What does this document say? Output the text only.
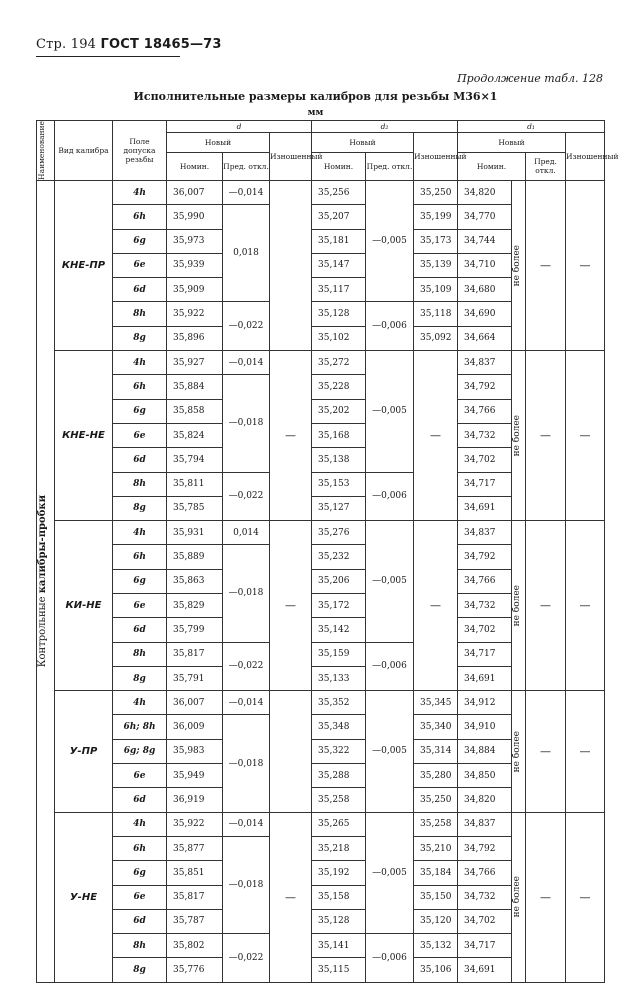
Стр. 194 ГОСТ 18465—73
Продолжение табл. 128
Исполнительные размеры калибров для резьбы М36×1
мм
Наименование	Вид калибра	Поле допуска резьбы	d			d₂			d₁			
			Новый		Изношенный	Новый		Изношенный	Новый			Изношенный
			Номин.	Пред. откл.		Номин.	Пред. откл.		Номин.		Пред. откл.	

Контрольные калибры-пробки	КНЕ-ПР	4h	36,007	—0,014		35,256	—0,005	35,250	34,820	не более	—	—
		6h	35,990	0,018		35,207		35,199	34,770			
		6g	35,973			35,181		35,173	34,744			
		6e	35,939			35,147		35,139	34,710			
		6d	35,909			35,117		35,109	34,680			
		8h	35,922	—0,022		35,128	—0,006	35,118	34,690			
		8g	35,896			35,102		35,092	34,664			
	КНЕ-НЕ	4h	35,927	—0,014	—	35,272	—0,005	—	34,837	не более	—	—
		6h	35,884	—0,018		35,228			34,792			
		6g	35,858			35,202			34,766			
		6e	35,824			35,168			34,732			
		6d	35,794			35,138			34,702			
		8h	35,811	—0,022		35,153	—0,006		34,717			
		8g	35,785			35,127			34,691			
	КИ-НЕ	4h	35,931	0,014	—	35,276	—0,005	—	34,837	не более	—	—
		6h	35,889	—0,018		35,232			34,792			
		6g	35,863			35,206			34,766			
		6e	35,829			35,172			34,732			
		6d	35,799			35,142			34,702			
		8h	35,817	—0,022		35,159	—0,006		34,717			
		8g	35,791			35,133			34,691			
	У-ПР	4h	36,007	—0,014		35,352	—0,005	35,345	34,912	не более	—	—
		6h; 8h	36,009	—0,018		35,348		35,340	34,910			
		6g; 8g	35,983			35,322		35,314	34,884			
		6e	35,949			35,288		35,280	34,850			
		6d	36,919			35,258		35,250	34,820			
	У-НЕ	4h	35,922	—0,014	—	35,265	—0,005	35,258	34,837	не более	—	—
		6h	35,877	—0,018		35,218		35,210	34,792			
		6g	35,851			35,192		35,184	34,766			
		6e	35,817			35,158		35,150	34,732			
		6d	35,787			35,128		35,120	34,702			
		8h	35,802	—0,022		35,141	—0,006	35,132	34,717			
		8g	35,776			35,115		35,106	34,691			
